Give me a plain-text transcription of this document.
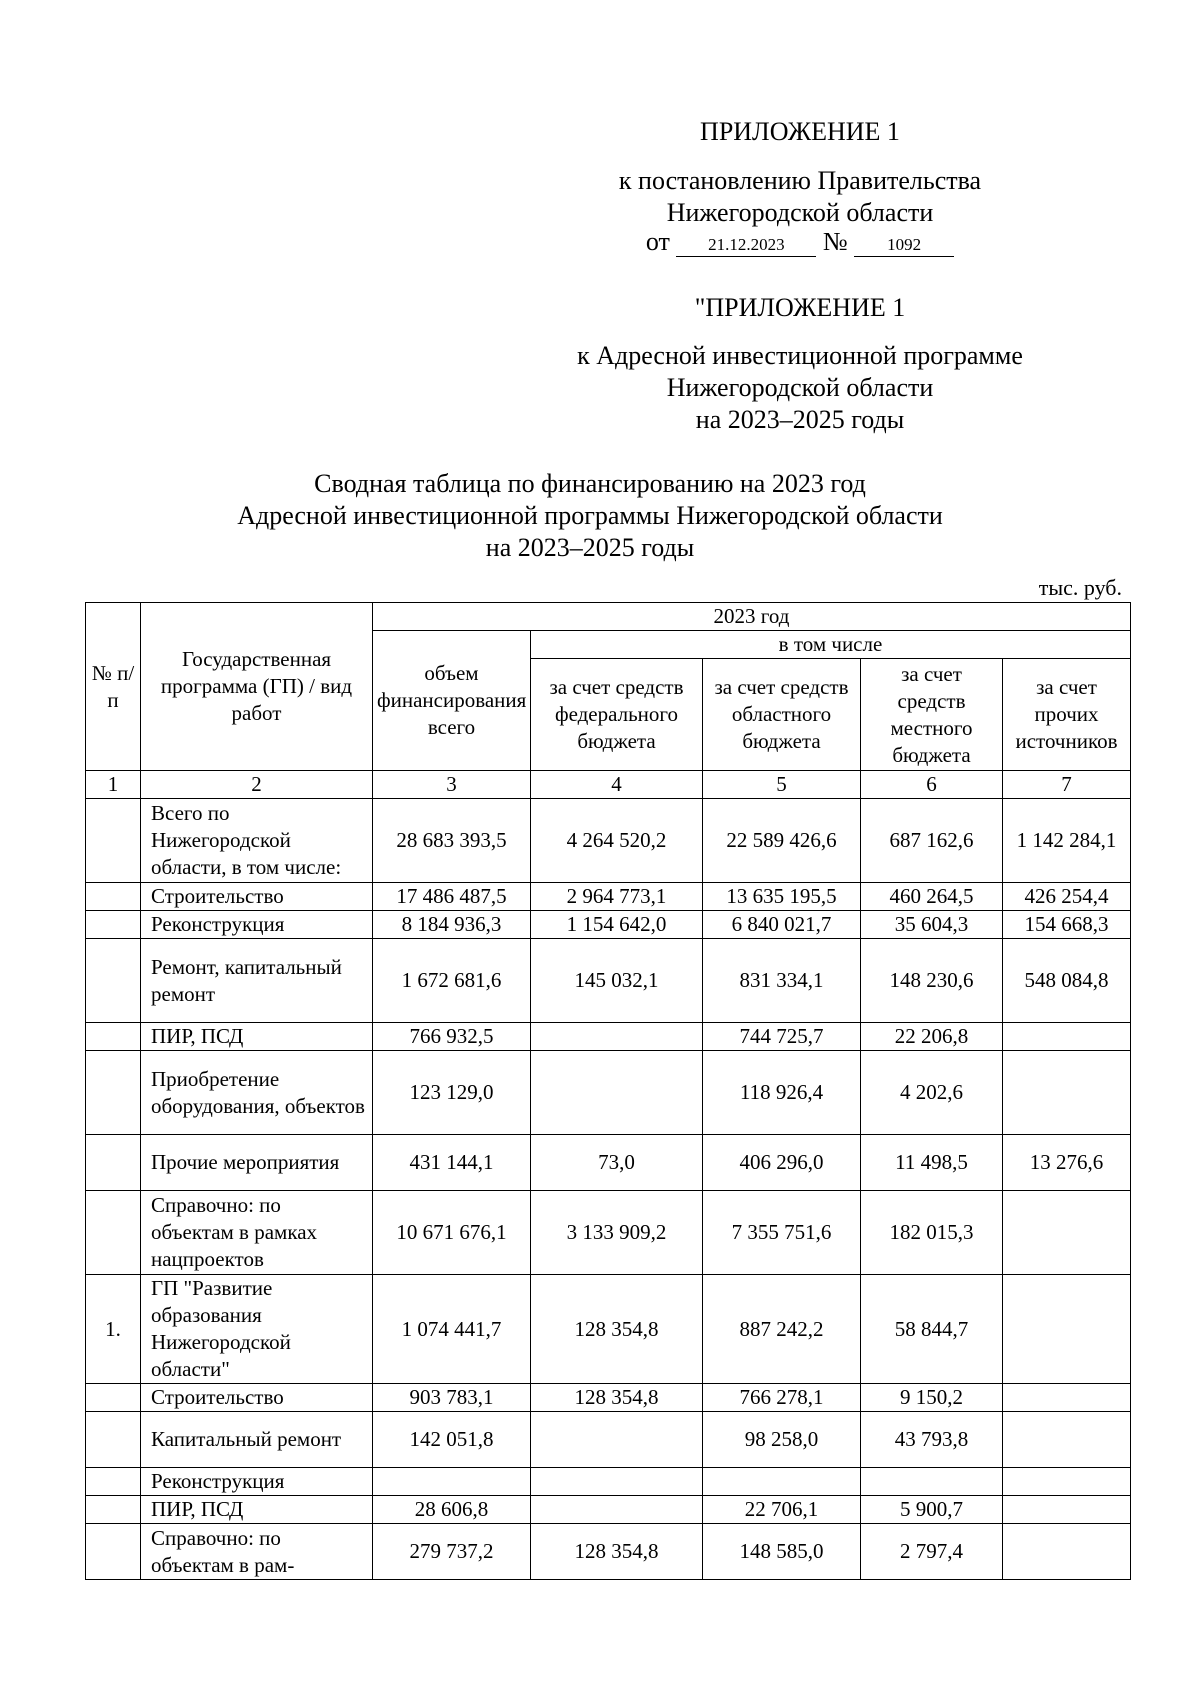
ПРИЛОЖЕНИЕ 1
к постановлению Правительства
Нижегородской области
от 21.12.2023 № 1092
"ПРИЛОЖЕНИЕ 1
к Адресной инвестиционной программе
Нижегородской области
на 2023–2025 годы
Сводная таблица по финансированию на 2023 год
Адресной инвестиционной программы Нижегородской области
на 2023–2025 годы
тыс. руб.
№ п/п	Государственная программа (ГП) / вид работ	2023 год				
		объем финансирования всего	в том числе			
			за счет средств федерального бюджета	за счет средств областного бюджета	за счет средств местного бюджета	за счет прочих источников
1	2	3	4	5	6	7
	Всего по Нижегородской области, в том числе:	28 683 393,5	4 264 520,2	22 589 426,6	687 162,6	1 142 284,1
	Строительство	17 486 487,5	2 964 773,1	13 635 195,5	460 264,5	426 254,4
	Реконструкция	8 184 936,3	1 154 642,0	6 840 021,7	35 604,3	154 668,3
	Ремонт, капитальный ремонт	1 672 681,6	145 032,1	831 334,1	148 230,6	548 084,8
	ПИР, ПСД	766 932,5		744 725,7	22 206,8	
	Приобретение оборудования, объектов	123 129,0		118 926,4	4 202,6	
	Прочие мероприятия	431 144,1	73,0	406 296,0	11 498,5	13 276,6
	Справочно: по объектам в рамках нацпроектов	10 671 676,1	3 133 909,2	7 355 751,6	182 015,3	
1.	ГП "Развитие образования Нижегородской области"	1 074 441,7	128 354,8	887 242,2	58 844,7	
	Строительство	903 783,1	128 354,8	766 278,1	9 150,2	
	Капитальный ремонт	142 051,8		98 258,0	43 793,8	
	Реконструкция					
	ПИР, ПСД	28 606,8		22 706,1	5 900,7	
	Справочно: по объектам в рам-	279 737,2	128 354,8	148 585,0	2 797,4	
